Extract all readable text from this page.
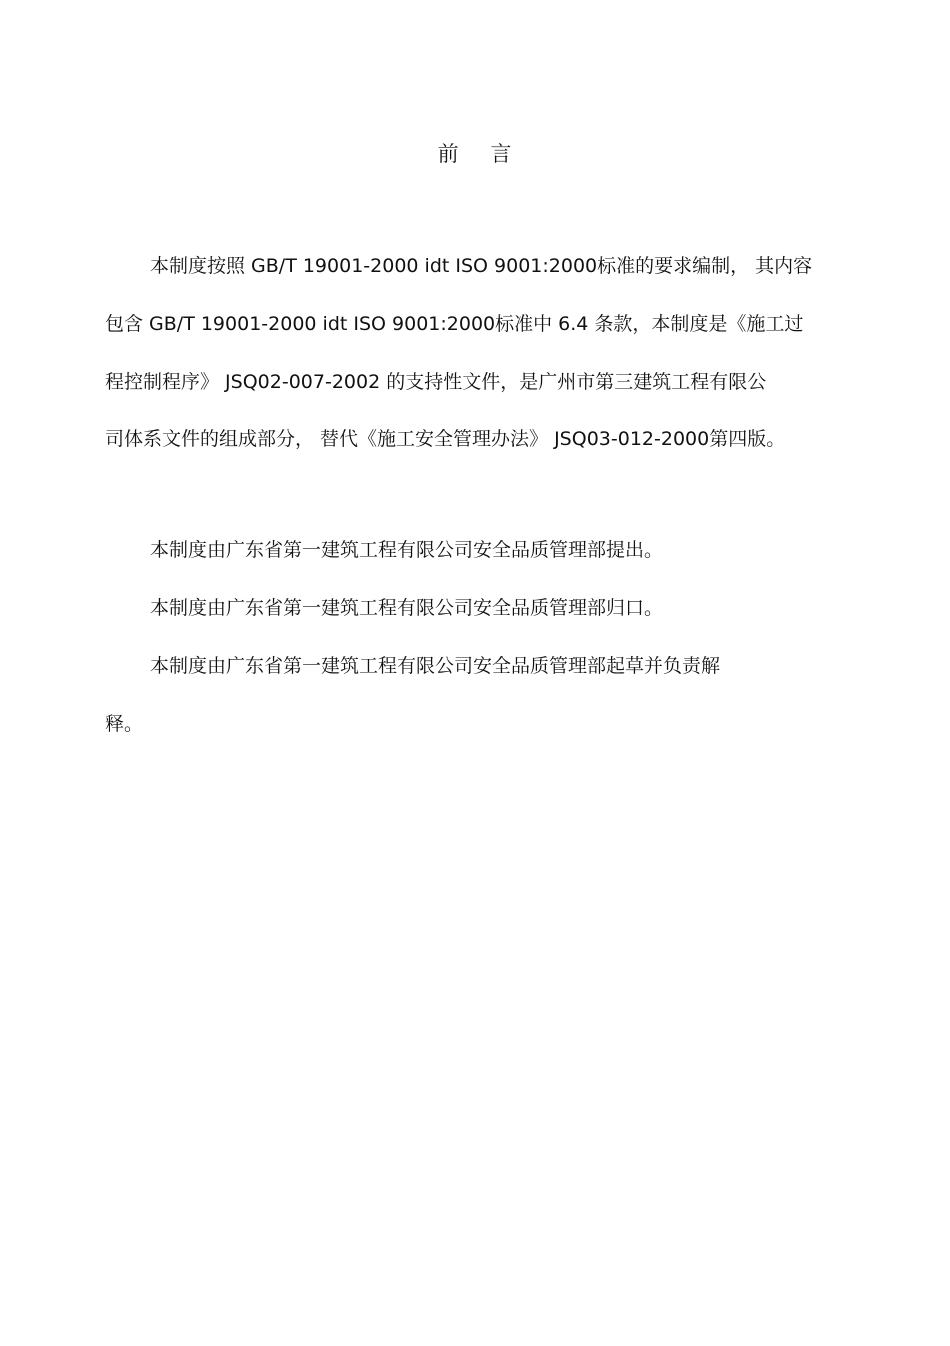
前    言
本制度按照 GB/T 19001-2000 idt ISO 9001:2000标准的要求编制， 其内容
包含 GB/T 19001-2000 idt ISO 9001:2000标准中 6.4 条款，本制度是《施工过
程控制程序》 JSQ02-007-2002 的支持性文件，是广州市第三建筑工程有限公
司体系文件的组成部分， 替代《施工安全管理办法》 JSQ03-012-2000第四版。
本制度由广东省第一建筑工程有限公司安全品质管理部提出。
本制度由广东省第一建筑工程有限公司安全品质管理部归口。
本制度由广东省第一建筑工程有限公司安全品质管理部起草并负责解
释。
